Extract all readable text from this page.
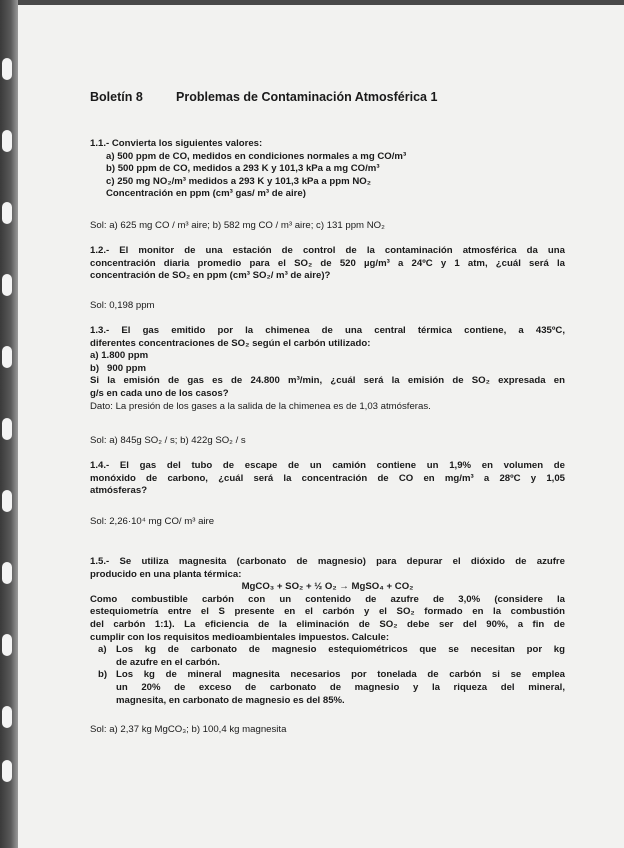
Boletín 8	Problemas de Contaminación Atmosférica 1
1.1.- Convierta los siguientes valores:
a) 500 ppm de CO, medidos en condiciones normales a mg CO/m³
b) 500 ppm de CO, medidos a 293 K y 101,3 kPa a mg CO/m³
c) 250 mg NO₂/m³ medidos a 293 K y 101,3 kPa a ppm NO₂
Concentración en ppm (cm³ gas/ m³ de aire)
Sol: a) 625 mg CO / m³ aire; b) 582 mg CO / m³ aire; c) 131 ppm NO₂
1.2.- El monitor de una estación de control de la contaminación atmosférica da una
concentración diaria promedio para el SO₂ de 520 µg/m³ a 24ºC y 1 atm, ¿cuál será la
concentración de SO₂ en ppm (cm³ SO₂/ m³ de aire)?
Sol: 0,198 ppm
1.3.- El gas emitido por la chimenea de una central térmica contiene, a 435ºC,
diferentes concentraciones de SO₂ según el carbón utilizado:
a) 1.800 ppm
b)   900 ppm
Si la emisión de gas es de 24.800 m³/min, ¿cuál será la emisión de SO₂ expresada en
g/s en cada uno de los casos?
Dato: La presión de los gases a la salida de la chimenea es de 1,03 atmósferas.
Sol: a) 845g SO₂ / s; b) 422g SO₂ / s
1.4.- El gas del tubo de escape de un camión contiene un 1,9% en volumen de
monóxido de carbono, ¿cuál será la concentración de CO en mg/m³ a 28ºC y 1,05
atmósferas?
Sol: 2,26·10⁴ mg CO/ m³ aire
1.5.- Se utiliza magnesita (carbonato de magnesio) para depurar el dióxido de azufre
producido en una planta térmica:
MgCO₃ + SO₂ + ½ O₂ → MgSO₄ + CO₂
Como combustible carbón con un contenido de azufre de 3,0% (considere la
estequiometría entre el S presente en el carbón y el SO₂ formado en la combustión
del carbón 1:1). La eficiencia de la eliminación de SO₂ debe ser del 90%, a fin de
cumplir con los requisitos medioambientales impuestos. Calcule:
a) Los kg de carbonato de magnesio estequiométricos que se necesitan por kg
de azufre en el carbón.
b) Los kg de mineral magnesita necesarios por tonelada de carbón si se emplea
un 20% de exceso de carbonato de magnesio y la riqueza del mineral,
magnesita, en carbonato de magnesio es del 85%.
Sol: a) 2,37 kg MgCO₃; b) 100,4 kg magnesita
